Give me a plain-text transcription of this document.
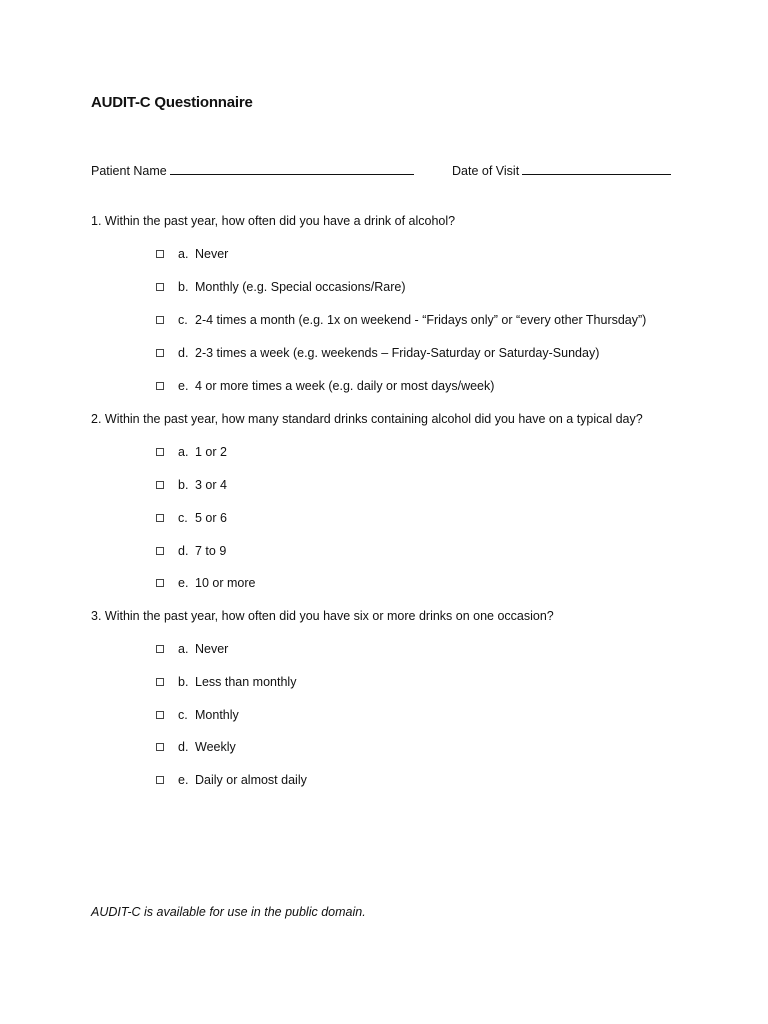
AUDIT-C Questionnaire
Patient Name	Date of Visit
1. Within the past year, how often did you have a drink of alcohol?
a. Never
b. Monthly (e.g. Special occasions/Rare)
c. 2-4 times a month (e.g. 1x on weekend - “Fridays only” or “every other Thursday”)
d. 2-3 times a week (e.g. weekends – Friday-Saturday or Saturday-Sunday)
e. 4 or more times a week (e.g. daily or most days/week)
2. Within the past year, how many standard drinks containing alcohol did you have on a typical day?
a. 1 or 2
b. 3 or 4
c. 5 or 6
d. 7 to 9
e. 10 or more
3. Within the past year, how often did you have six or more drinks on one occasion?
a. Never
b. Less than monthly
c. Monthly
d. Weekly
e. Daily or almost daily
AUDIT-C is available for use in the public domain.
